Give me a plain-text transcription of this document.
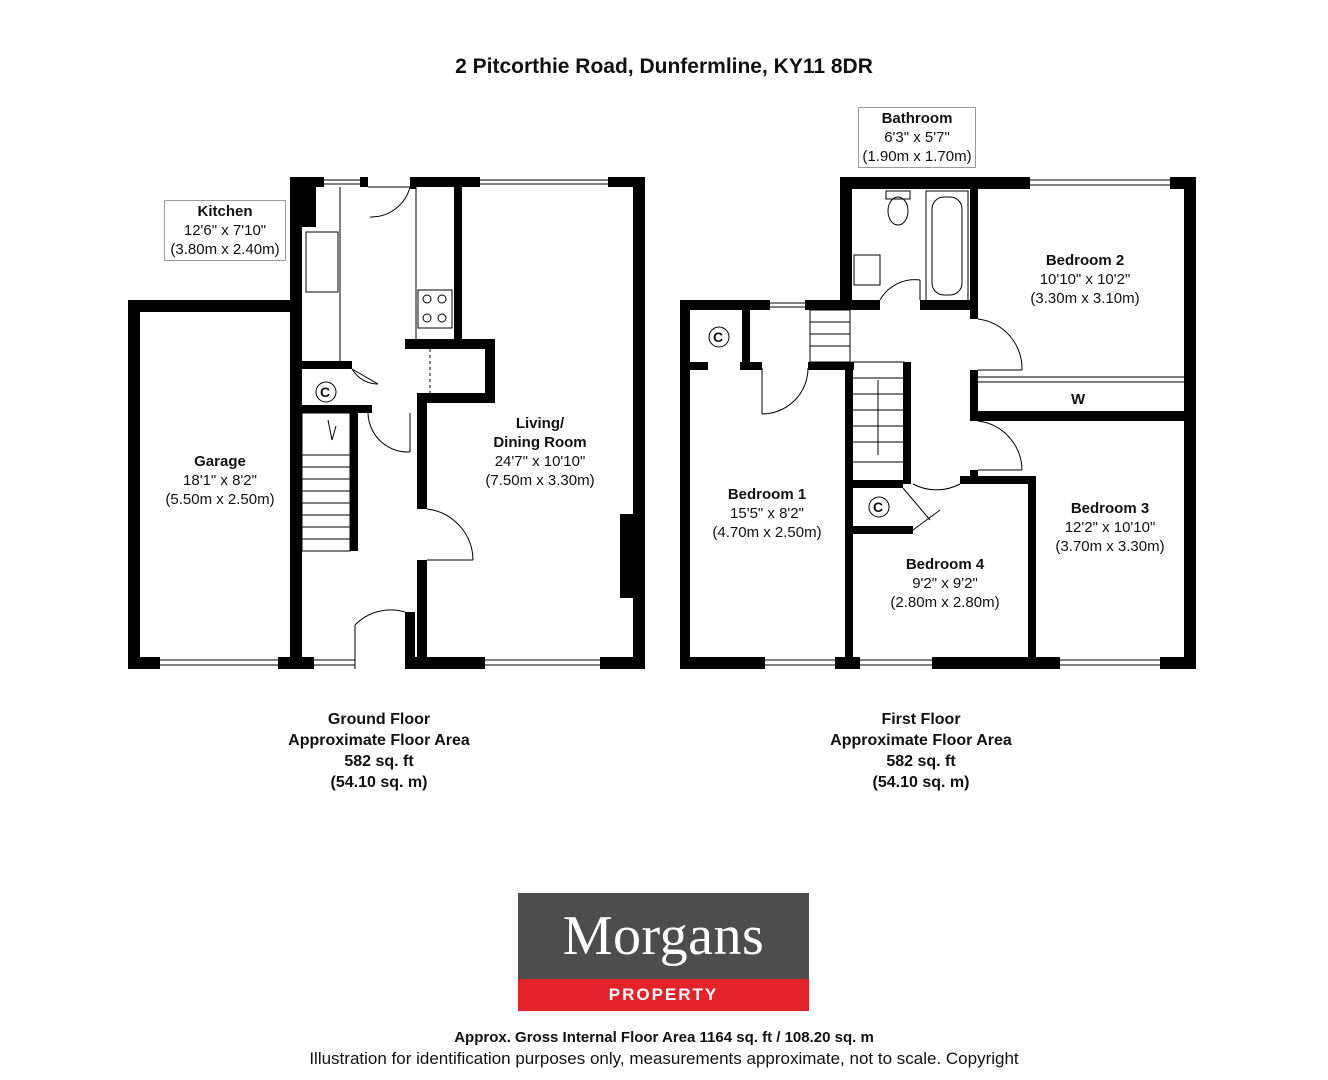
2 Pitcorthie Road, Dunfermline, KY11 8DR
C
C
C
W
Kitchen
12'6" x 7'10"
(3.80m x 2.40m)
Garage
18'1" x 8'2"
(5.50m x 2.50m)
Living/
Dining Room
24'7" x 10'10"
(7.50m x 3.30m)
Bathroom
6'3" x 5'7"
(1.90m x 1.70m)
Bedroom 2
10'10" x 10'2"
(3.30m x 3.10m)
Bedroom 1
15'5" x 8'2"
(4.70m x 2.50m)
Bedroom 3
12'2" x 10'10"
(3.70m x 3.30m)
Bedroom 4
9'2" x 9'2"
(2.80m x 2.80m)
Ground Floor
Approximate Floor Area
582 sq. ft
(54.10 sq. m)
First Floor
Approximate Floor Area
582 sq. ft
(54.10 sq. m)
Morgans
PROPERTY
Approx. Gross Internal Floor Area 1164 sq. ft / 108.20 sq. m
Illustration for identification purposes only, measurements approximate, not to scale. Copyright
